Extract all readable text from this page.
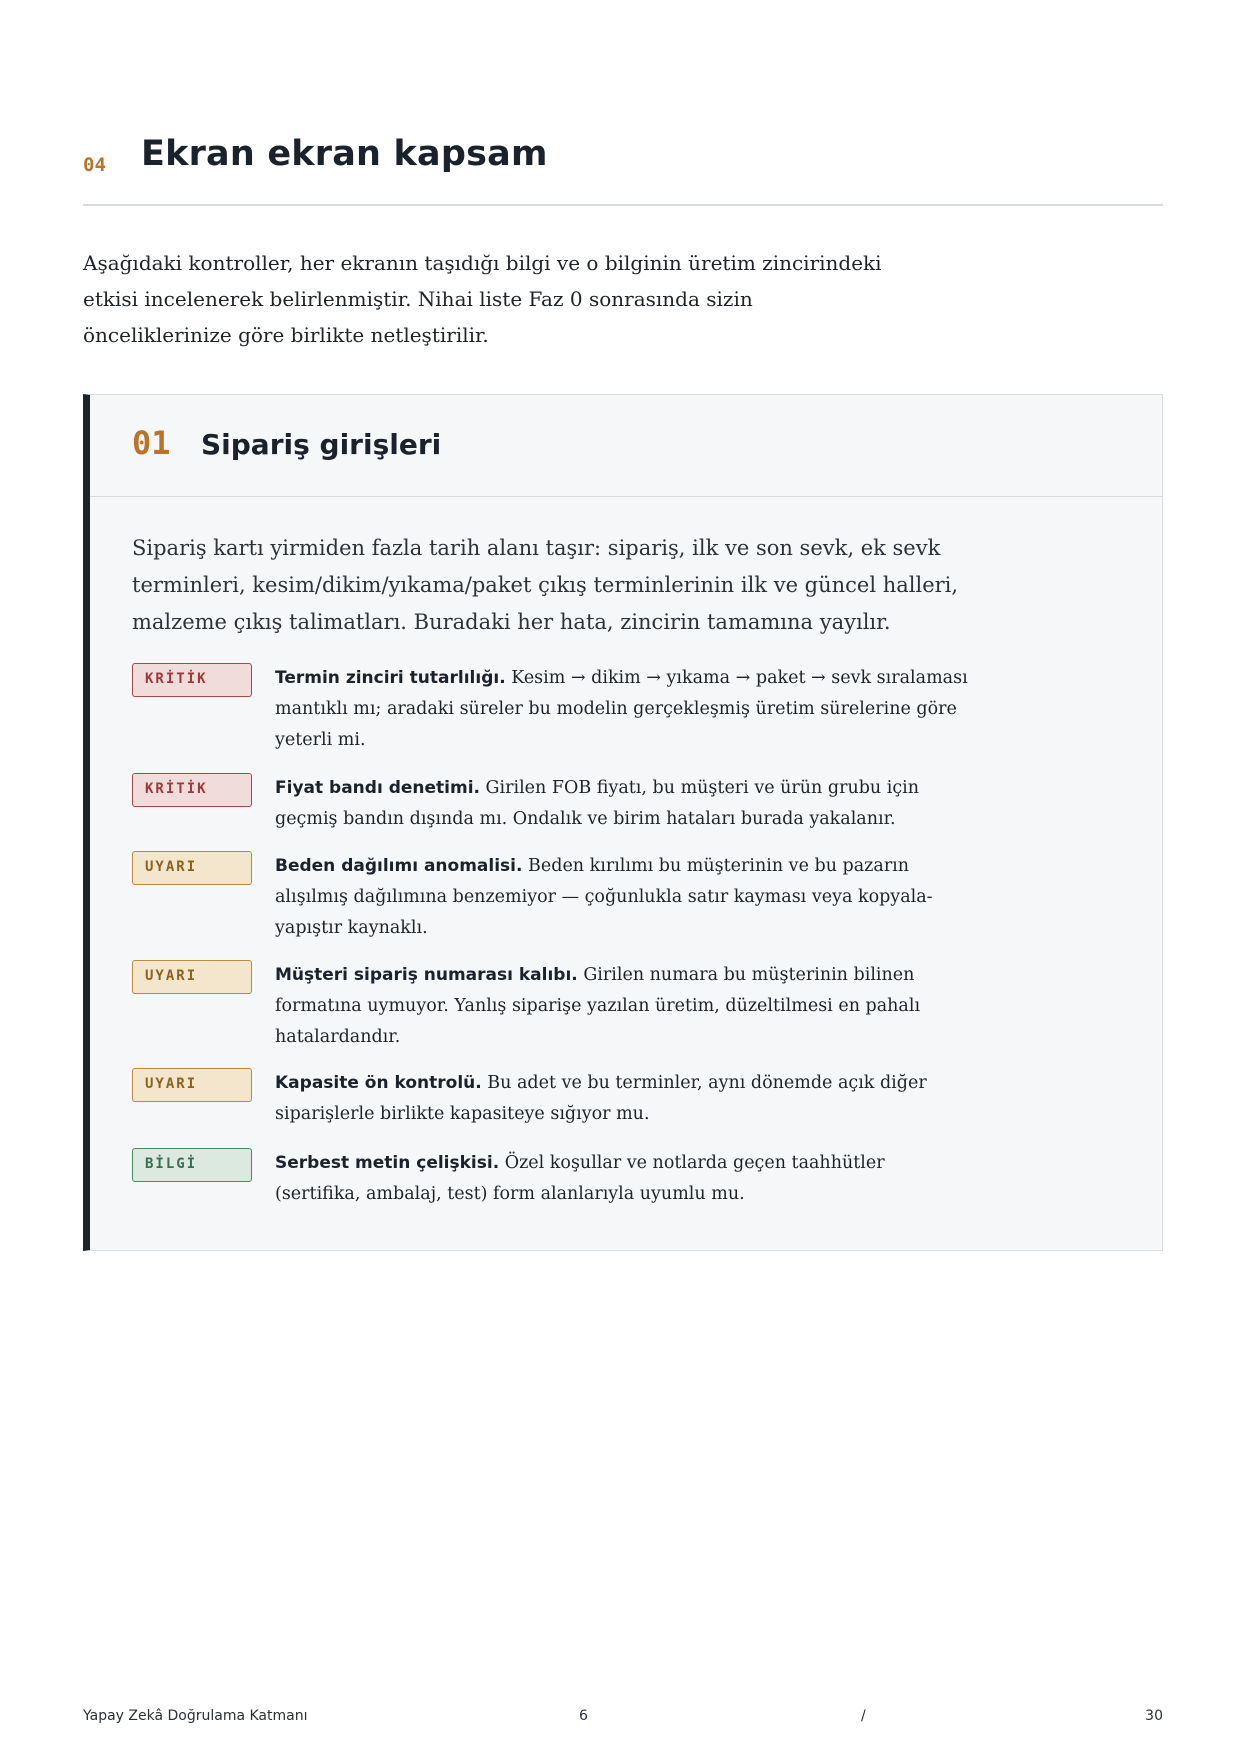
04 Ekran ekran kapsam

Aşağıdaki kontroller, her ekranın taşıdığı bilgi ve o bilginin üretim zincirindeki etkisi incelenerek belirlenmiştir. Nihai liste Faz 0 sonrasında sizin önceliklerinize göre birlikte netleştirilir.

01 Sipariş girişleri

Sipariş kartı yirmiden fazla tarih alanı taşır: sipariş, ilk ve son sevk, ek sevk terminleri, kesim/dikim/yıkama/paket çıkış terminlerinin ilk ve güncel halleri, malzeme çıkış talimatları. Buradaki her hata, zincirin tamamına yayılır.

KRİTİK	Termin zinciri tutarlılığı. Kesim → dikim → yıkama → paket → sevk sıralaması mantıklı mı; aradaki süreler bu modelin gerçekleşmiş üretim sürelerine göre yeterli mi.
KRİTİK	Fiyat bandı denetimi. Girilen FOB fiyatı, bu müşteri ve ürün grubu için geçmiş bandın dışında mı. Ondalık ve birim hataları burada yakalanır.
UYARI	Beden dağılımı anomalisi. Beden kırılımı bu müşterinin ve bu pazarın alışılmış dağılımına benzemiyor — çoğunlukla satır kayması veya kopyala-yapıştır kaynaklı.
UYARI	Müşteri sipariş numarası kalıbı. Girilen numara bu müşterinin bilinen formatına uymuyor. Yanlış siparişe yazılan üretim, düzeltilmesi en pahalı hatalardandır.
UYARI	Kapasite ön kontrolü. Bu adet ve bu terminler, aynı dönemde açık diğer siparişlerle birlikte kapasiteye sığıyor mu.
BİLGİ	Serbest metin çelişkisi. Özel koşullar ve notlarda geçen taahhütler (sertifika, ambalaj, test) form alanlarıyla uyumlu mu.
Yapay Zekâ Doğrulama Katmanı	6	/	30
